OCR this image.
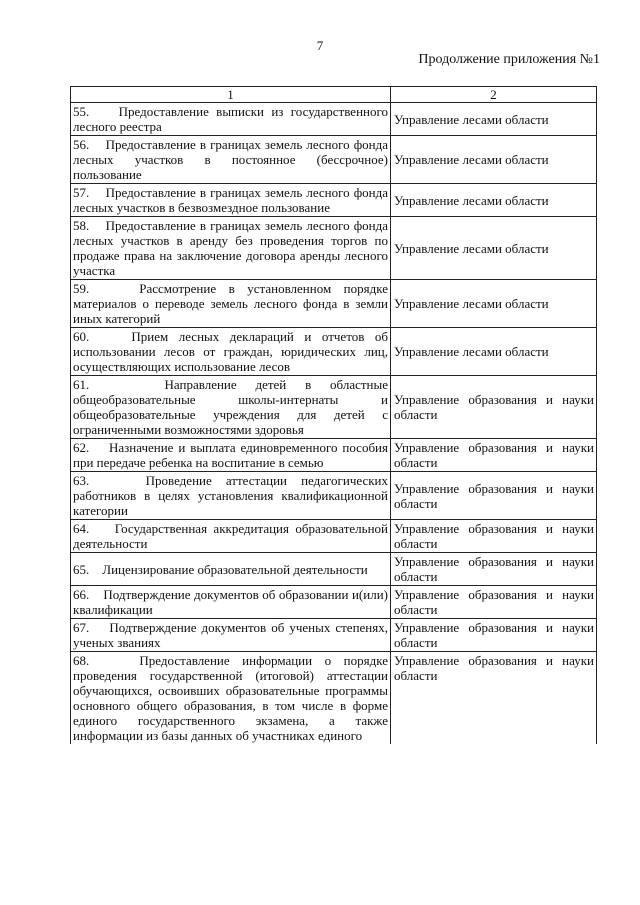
7
Продолжение приложения №1
1	2
55.    Предоставление выписки из государственного лесного реестра	Управление лесами области
56.    Предоставление в границах земель лесного фонда лесных участков в постоянное (бессрочное) пользование	Управление лесами области
57.    Предоставление в границах земель лесного фонда лесных участков в безвозмездное пользование	Управление лесами области
58.    Предоставление в границах земель лесного фонда лесных участков в аренду без проведения торгов по продаже права на заключение договора аренды лесного участка	Управление лесами области
59.    Рассмотрение в установленном порядке материалов о переводе земель лесного фонда в земли иных категорий	Управление лесами области
60.    Прием лесных деклараций и отчетов об использовании лесов от граждан, юридических лиц, осуществляющих использование лесов	Управление лесами области
61.    Направление детей в областные общеобразовательные школы-интернаты и общеобразовательные учреждения для детей с ограниченными возможностями здоровья	Управление образования и науки области
62.    Назначение и выплата единовременного пособия при передаче ребенка на воспитание в семью	Управление образования и науки области
63.    Проведение аттестации педагогических работников в целях установления квалификационной категории	Управление образования и науки области
64.    Государственная аккредитация образовательной деятельности	Управление образования и науки области
65.    Лицензирование образовательной деятельности	Управление образования и науки области
66.    Подтверждение документов об образовании и(или) квалификации	Управление образования и науки области
67.    Подтверждение документов об ученых степенях, ученых званиях	Управление образования и науки области
68.    Предоставление информации о порядке проведения государственной (итоговой) аттестации обучающихся, освоивших образовательные программы основного общего образования, в том числе в форме единого государственного экзамена, а также информации из базы данных об участниках единого	Управление образования и науки области
